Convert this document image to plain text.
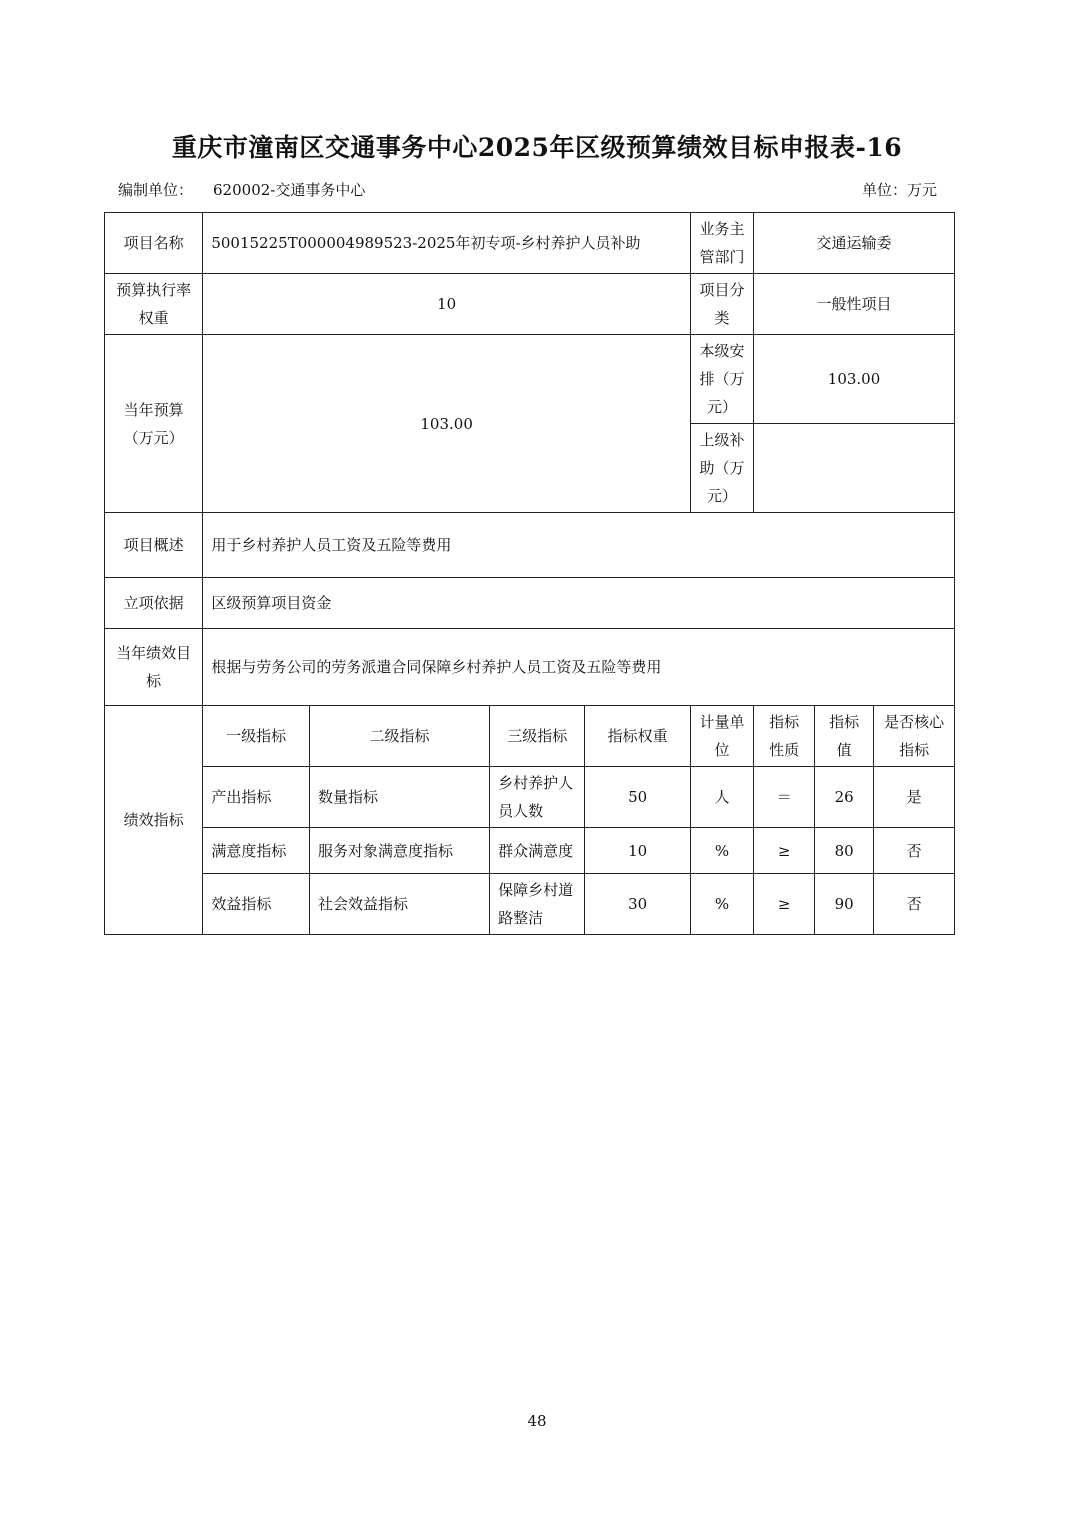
重庆市潼南区交通事务中心2025年区级预算绩效目标申报表-16
编制单位： 620002-交通事务中心	单位：万元
项目名称	50015225T000004989523-2025年初专项-乡村养护人员补助				业务主管部门	交通运输委		
预算执行率权重	10				项目分类	一般性项目		
当年预算（万元）	103.00				本级安排（万元）	103.00		
					上级补助（万元）			
项目概述	用于乡村养护人员工资及五险等费用							
立项依据	区级预算项目资金							
当年绩效目标	根据与劳务公司的劳务派遣合同保障乡村养护人员工资及五险等费用							
绩效指标	一级指标	二级指标	三级指标	指标权重	计量单位	指标性质	指标值	是否核心指标
	产出指标	数量指标	乡村养护人员人数	50	人	＝	26	是
	满意度指标	服务对象满意度指标	群众满意度	10	%	≥	80	否
	效益指标	社会效益指标	保障乡村道路整洁	30	%	≥	90	否
48
